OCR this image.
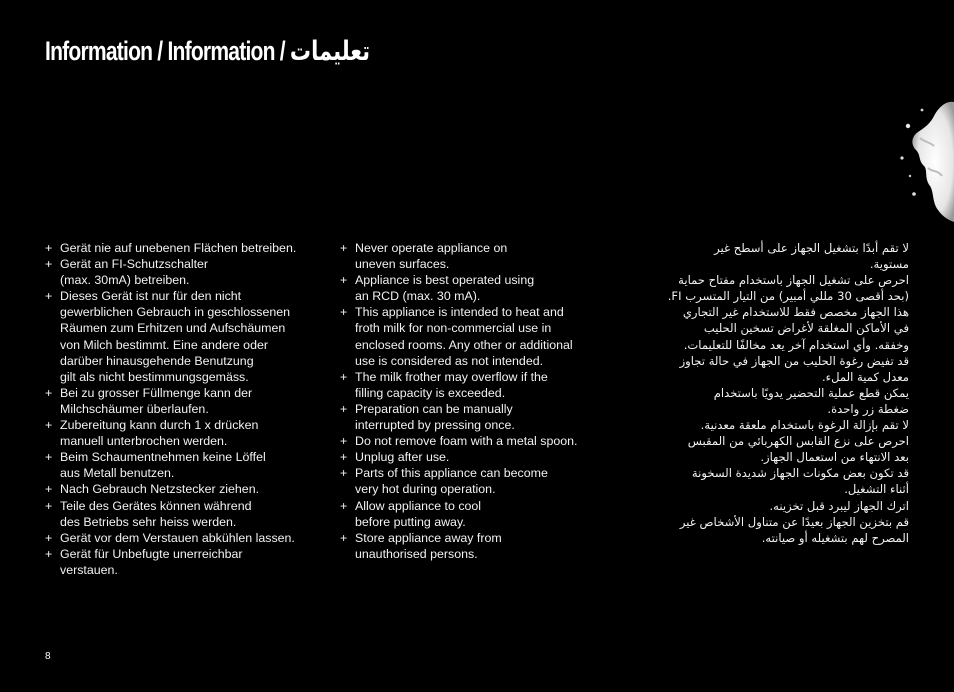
Information / Information / تعليمات
+ Gerät nie auf unebenen Flächen betreiben.
+ Gerät an FI-Schutzschalter
(max. 30mA) betreiben.
+ Dieses Gerät ist nur für den nicht
gewerblichen Gebrauch in geschlossenen
Räumen zum Erhitzen und Aufschäumen
von Milch bestimmt. Eine andere oder
darüber hinausgehende Benutzung
gilt als nicht bestimmungsgemäss.
+ Bei zu grosser Füllmenge kann der
Milchschäumer überlaufen.
+ Zubereitung kann durch 1 x drücken
manuell unterbrochen werden.
+ Beim Schaumentnehmen keine Löffel
aus Metall benutzen.
+ Nach Gebrauch Netzstecker ziehen.
+ Teile des Gerätes können während
des Betriebs sehr heiss werden.
+ Gerät vor dem Verstauen abkühlen lassen.
+ Gerät für Unbefugte unerreichbar
verstauen.
+ Never operate appliance on
uneven surfaces.
+ Appliance is best operated using
an RCD (max. 30 mA).
+ This appliance is intended to heat and
froth milk for non-commercial use in
enclosed rooms. Any other or additional
use is considered as not intended.
+ The milk frother may overflow if the
filling capacity is exceeded.
+ Preparation can be manually
interrupted by pressing once.
+ Do not remove foam with a metal spoon.
+ Unplug after use.
+ Parts of this appliance can become
very hot during operation.
+ Allow appliance to cool
before putting away.
+ Store appliance away from
unauthorised persons.

لا تقم أبدًا بتشغيل الجهاز على أسطح غير
مستوية.

احرص على تشغيل الجهاز باستخدام مفتاح حماية
(بحد أقصى 30 مللي أمبير) من التيار المتسرب FI.

هذا الجهاز مخصص فقط للاستخدام غير التجاري
في الأماكن المغلقة لأغراض تسخين الحليب
وخفقه. وأي استخدام آخر يعد مخالفًا للتعليمات.

قد تفيض رغوة الحليب من الجهاز في حالة تجاوز
معدل كمية الملء.

يمكن قطع عملية التحضير يدويًا باستخدام
ضغطة زر واحدة.

لا تقم بإزالة الرغوة باستخدام ملعقة معدنية.

احرص على نزع القابس الكهربائي من المقبس
بعد الانتهاء من استعمال الجهاز.

قد تكون بعض مكونات الجهاز شديدة السخونة
أثناء التشغيل.

اترك الجهاز ليبرد قبل تخزينه.

قم بتخزين الجهاز بعيدًا عن متناول الأشخاص غير
المصرح لهم بتشغيله أو صيانته.

8
